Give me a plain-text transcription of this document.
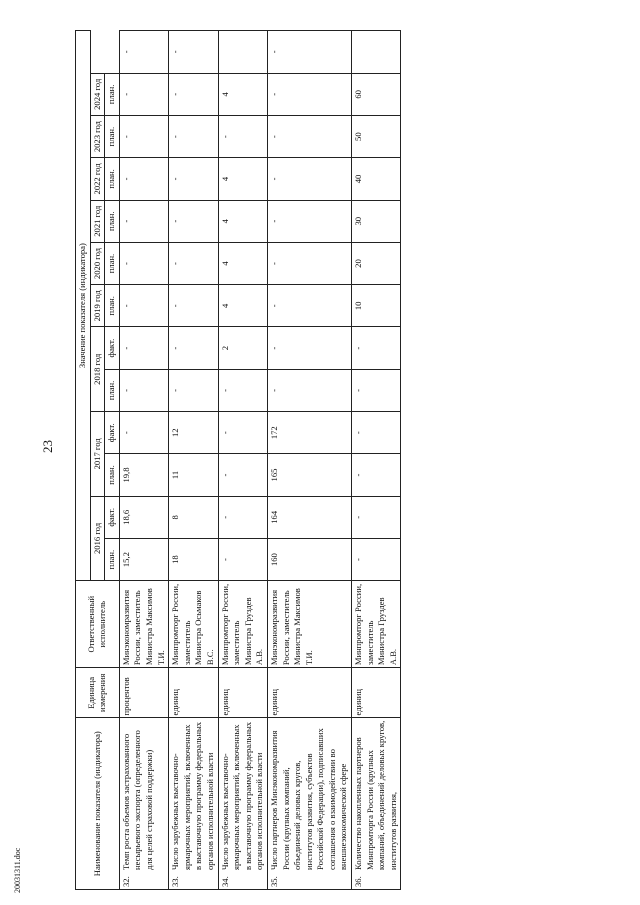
23
20031311.doc	Наименование показателя (индикатора)	Единица измерения	Ответственный исполнитель	Значение показателя (индикатора)												
			2016 год		2017 год		2018 год		2019 год	2020 год	2021 год	2022 год	2023 год	2024 год	
			план.	факт.	план.	факт.	план.	факт.	план.	план.	план.	план.	план.	план.	

32.
Темп роста объемов застрахованного несырьевого экспорта (определенного для целей страховой поддержки)	процентов	Минэкономразвития России, заместитель Министра Максимов Т.И.	15,2	18,6	19,8	-	-	-	-	-	-	-	-	-	-

33.
Число зарубежных выставочно-ярмарочных мероприятий, включенных в выставочную программу федеральных органов исполнительной власти	единиц	Минпромторг России, заместитель Министра Осьмаков В.С.	18	8	11	12	-	-	-	-	-	-	-	-	-

34.
Число зарубежных выставочно-ярмарочных мероприятий, включенных в выставочную программу федеральных органов исполнительной власти	единиц	Минпромторг России, заместитель Министра Груздев А.В.	-	-	-	-	-	2	4	4	4	4	-	4	

35.
Число партнеров Минэкономразвития России (крупных компаний, объединений деловых кругов, институтов развития, субъектов Российской Федерации), подписавших соглашения о взаимодействии во внешнеэкономической сфере	единиц	Минэкономразвития России, заместитель Министра Максимов Т.И.	160	164	165	172	-	-	-	-	-	-	-	-	-

36.
Количество накопленных партнеров Минпромторга России (крупных компаний, объединений деловых кругов, институтов развития,	единиц	Минпромторг России, заместитель Министра Груздев А.В.	-	-	-	-	-	-	10	20	30	40	50	60	
